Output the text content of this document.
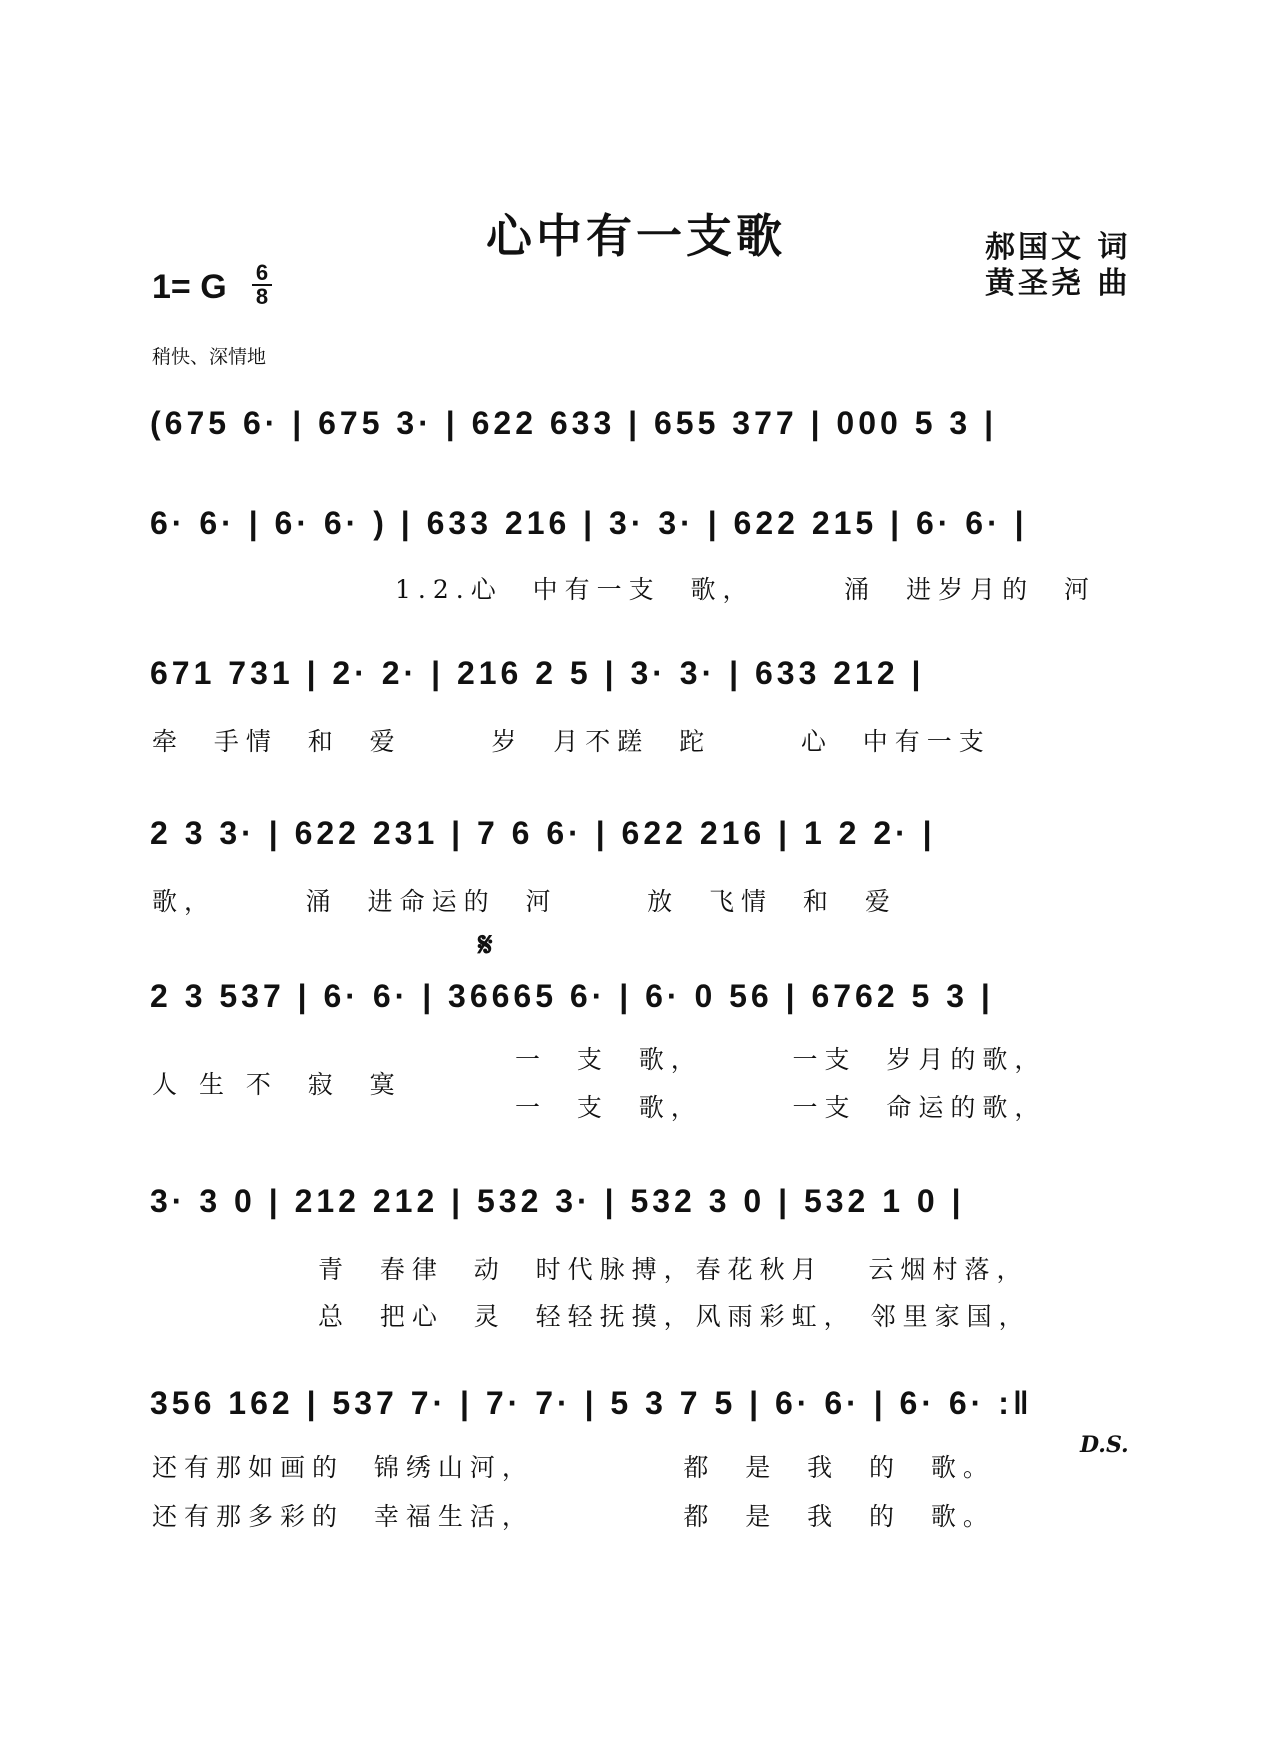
心中有一支歌	郝国文 词
黄圣尧 曲
1= G 6
8
稍快、深情地
(675 6· | 675 3· | 622 633 | 655 377 | 000 5 3 |
6· 6· | 6· 6· ) | 633 216 | 3· 3· | 622 215 | 6· 6· |
1.2.心  中有一支  歌，      涌  进岁月的  河
671 731 | 2· 2· | 216 2 5 | 3· 3· | 633 212 |
牵  手情  和  爱      岁  月不蹉  跎      心  中有一支
2 3 3· | 622 231 | 7 6 6· | 622 216 | 1 2 2· |
歌，      涌  进命运的  河      放  飞情  和  爱
𝄋
2 3 537 | 6· 6· | 36665 6· | 6· 0 56 | 6762 5 3 |
人 生 不  寂  寞
一  支  歌，      一支  岁月的歌，
一  支  歌，      一支  命运的歌，
3· 3 0 | 212 212 | 532 3· | 532 3 0 | 532 1 0 |
青  春律  动  时代脉搏，春花秋月   云烟村落，
总  把心  灵  轻轻抚摸，风雨彩虹， 邻里家国，
356 162 | 537 7· | 7· 7· | 5 3 7 5 | 6· 6· | 6· 6· :‖
还有那如画的  锦绣山河，          都  是  我  的  歌。
还有那多彩的  幸福生活，          都  是  我  的  歌。
D.S.
